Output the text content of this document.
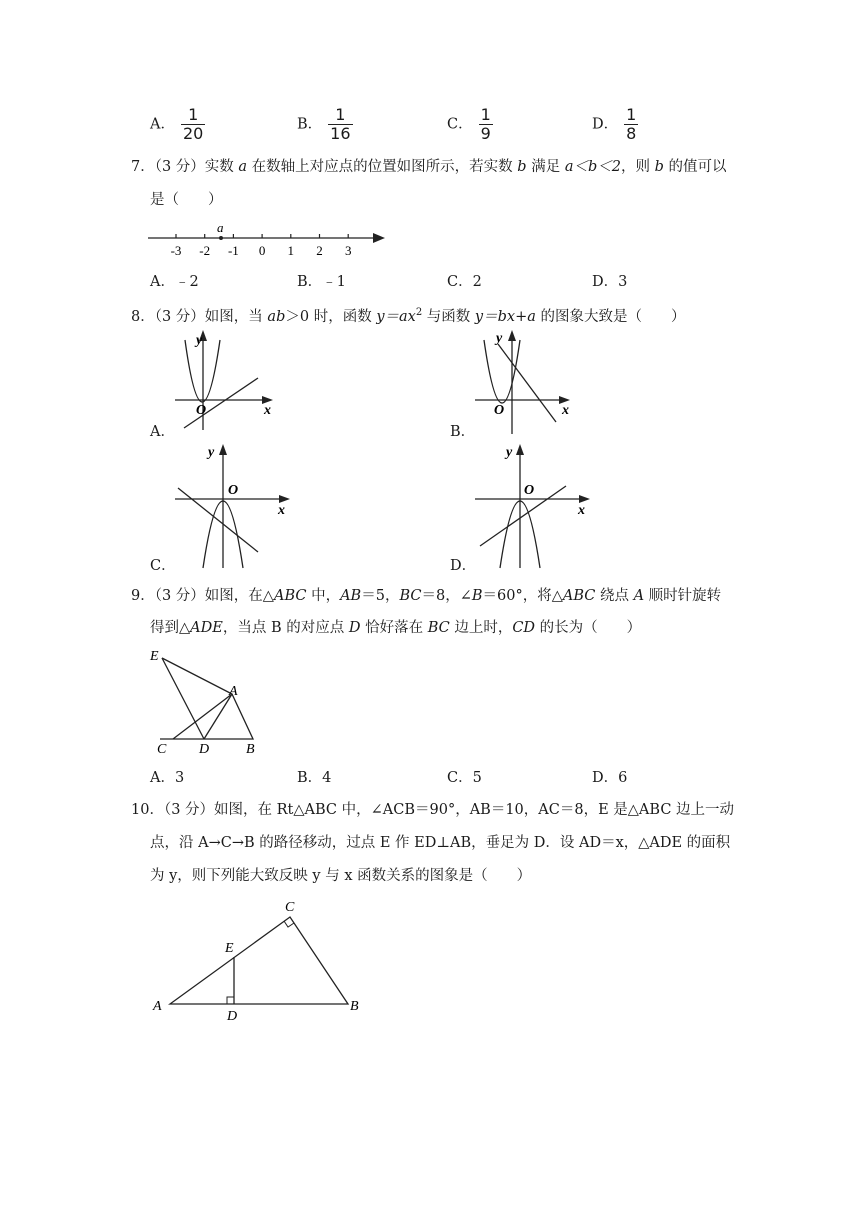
A． $\frac{1}{20}$	B． $\frac{1}{16}$	C． $\frac{1}{9}$	D． $\frac{1}{8}$
7．（3 分）实数 a 在数轴上对应点的位置如图所示，若实数 b 满足 a＜b＜2，则 b 的值可以
是（　　）
-3 -2 -1 0 1 2 3
a
A．﹣2	B．﹣1	C．2	D．3
8．（3 分）如图，当 ab＞0 时，函数 $y=ax^2$ 与函数 y＝bx+a 的图象大致是（　　）
y
x
O
A．
y
x
O
B．
y
x
O
C．
y
x
O
D．
9．（3 分）如图，在△ABC 中，AB＝5，BC＝8，∠B＝60°，将△ABC 绕点 A 顺时针旋转
得到△ADE，当点 B 的对应点 D 恰好落在 BC 边上时，CD 的长为（　　）
E
A
C D	B
A．3	B．4	C．5	D．6
10．（3 分）如图，在 Rt△ABC 中，∠ACB＝90°，AB＝10，AC＝8，E 是△ABC 边上一动
点，沿 A→C→B 的路径移动，过点 E 作 ED⊥AB，垂足为 D．设 AD＝x，△ADE 的面积
为 y，则下列能大致反映 y 与 x 函数关系的图象是（　　）
C
E
A
D
B
